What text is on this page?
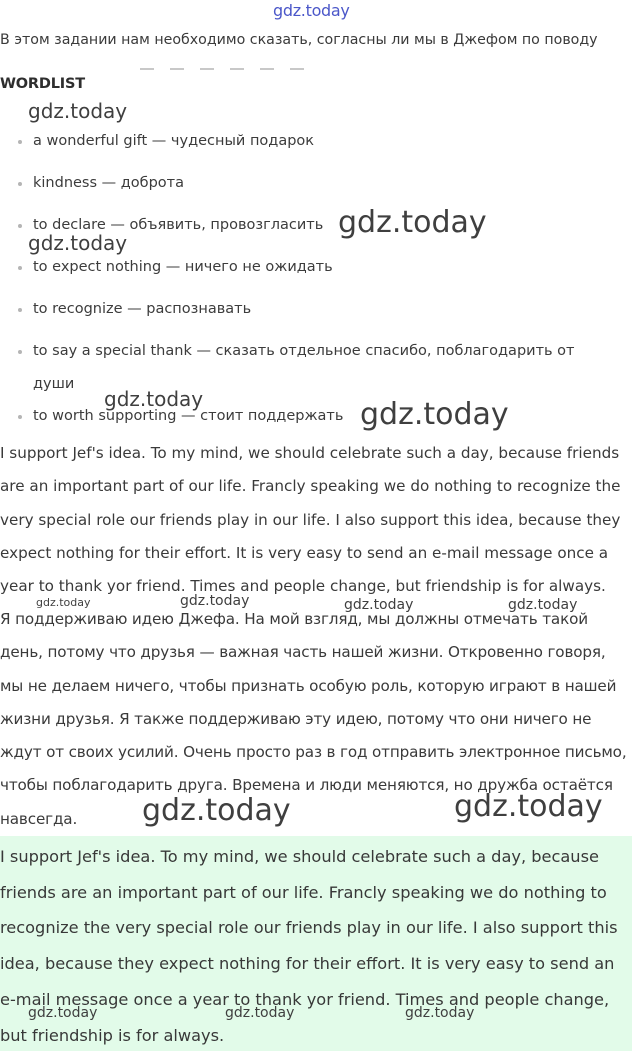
gdz.today
gdz.today
gdz.today
gdz.today
gdz.today	gdz.today
gdz.today	gdz.today	gdz.today	gdz.today
gdz.today	gdz.today
gdz.today	gdz.today	gdz.today
В этом задании нам необходимо сказать, согласны ли мы в Джефом по поводу
WORDLIST
a wonderful gift — чудесный подарок
kindness — доброта
to declare — объявить, провозгласить
to expect nothing — ничего не ожидать
to recognize — распознавать
to say a special thank — сказать отдельное спасибо, поблагодарить от души
to worth supporting — стоит поддержать

I support Jef's idea. To my mind, we should celebrate such a day, because friends are an important part of our life. Francly speaking we do nothing to recognize the very special role our friends play in our life. I also support this idea, because they expect nothing for their effort. It is very easy to send an e-mail message once a year to thank yor friend. Times and people change, but friendship is for always.

Я поддерживаю идею Джефа. На мой взгляд, мы должны отмечать такой день, потому что друзья — важная часть нашей жизни. Откровенно говоря, мы не делаем ничего, чтобы признать особую роль, которую играют в нашей жизни друзья. Я также поддерживаю эту идею, потому что они ничего не ждут от своих усилий. Очень просто раз в год отправить электронное письмо, чтобы поблагодарить друга. Времена и люди меняются, но дружба остаётся навсегда.

I support Jef's idea. To my mind, we should celebrate such a day, because friends are an important part of our life. Francly speaking we do nothing to recognize the very special role our friends play in our life. I also support this idea, because they expect nothing for their effort. It is very easy to send an e-mail message once a year to thank yor friend. Times and people change, but friendship is for always.
